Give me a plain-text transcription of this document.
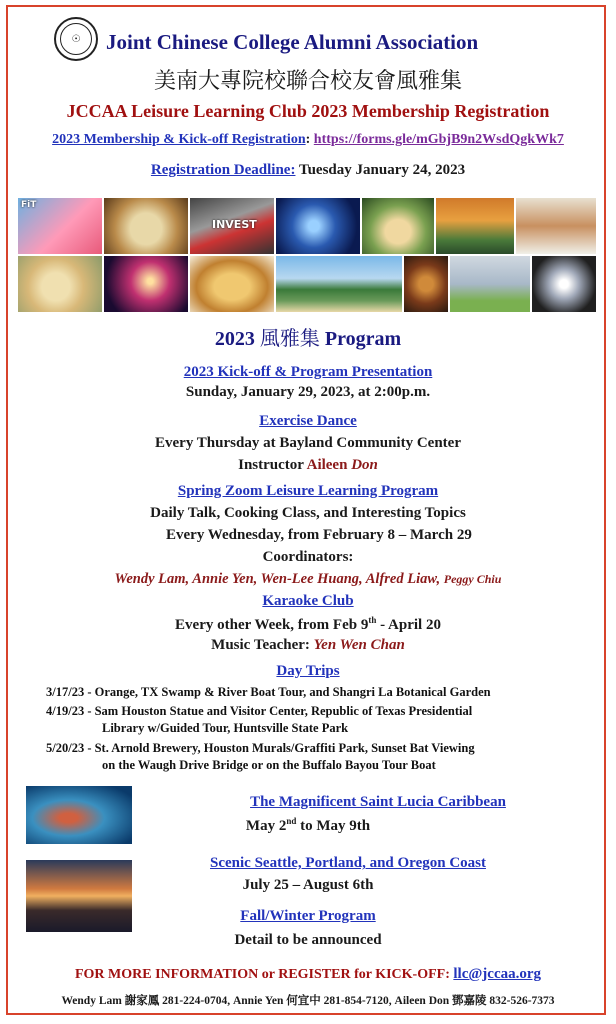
☉	Joint Chinese College Alumni Association
美南大專院校聯合校友會風雅集
JCCAA Leisure Learning Club 2023 Membership Registration
2023 Membership & Kick-off Registration: https://forms.gle/mGbjB9n2WsdQgkWk7
Registration Deadline: Tuesday January 24, 2023
FiT
INVEST
2023 風雅集 Program
2023 Kick-off & Program Presentation
Sunday, January 29, 2023, at 2:00p.m.
Exercise Dance
Every Thursday at Bayland Community Center
Instructor Aileen Don
Spring Zoom Leisure Learning Program
Daily Talk, Cooking Class, and Interesting Topics
Every Wednesday, from February 8 – March 29
Coordinators:
Wendy Lam, Annie Yen, Wen-Lee Huang, Alfred Liaw, Peggy Chiu
Karaoke Club
Every other Week, from Feb 9th - April 20
Music Teacher: Yen Wen Chan
Day Trips
3/17/23 - Orange, TX Swamp & River Boat Tour, and Shangri La Botanical Garden
4/19/23 - Sam Houston Statue and Visitor Center, Republic of Texas Presidential
Library w/Guided Tour, Huntsville State Park
5/20/23 - St. Arnold Brewery, Houston Murals/Graffiti Park, Sunset Bat Viewing
on the Waugh Drive Bridge or on the Buffalo Bayou Tour Boat
The Magnificent Saint Lucia Caribbean
May 2nd to May 9th
Scenic Seattle, Portland, and Oregon Coast
July 25 – August 6th
Fall/Winter Program
Detail to be announced
FOR MORE INFORMATION or REGISTER for KICK-OFF: llc@jccaa.org
Wendy Lam 謝家鳳 281-224-0704, Annie Yen 何宜中 281-854-7120, Aileen Don 鄧嘉陵 832-526-7373
